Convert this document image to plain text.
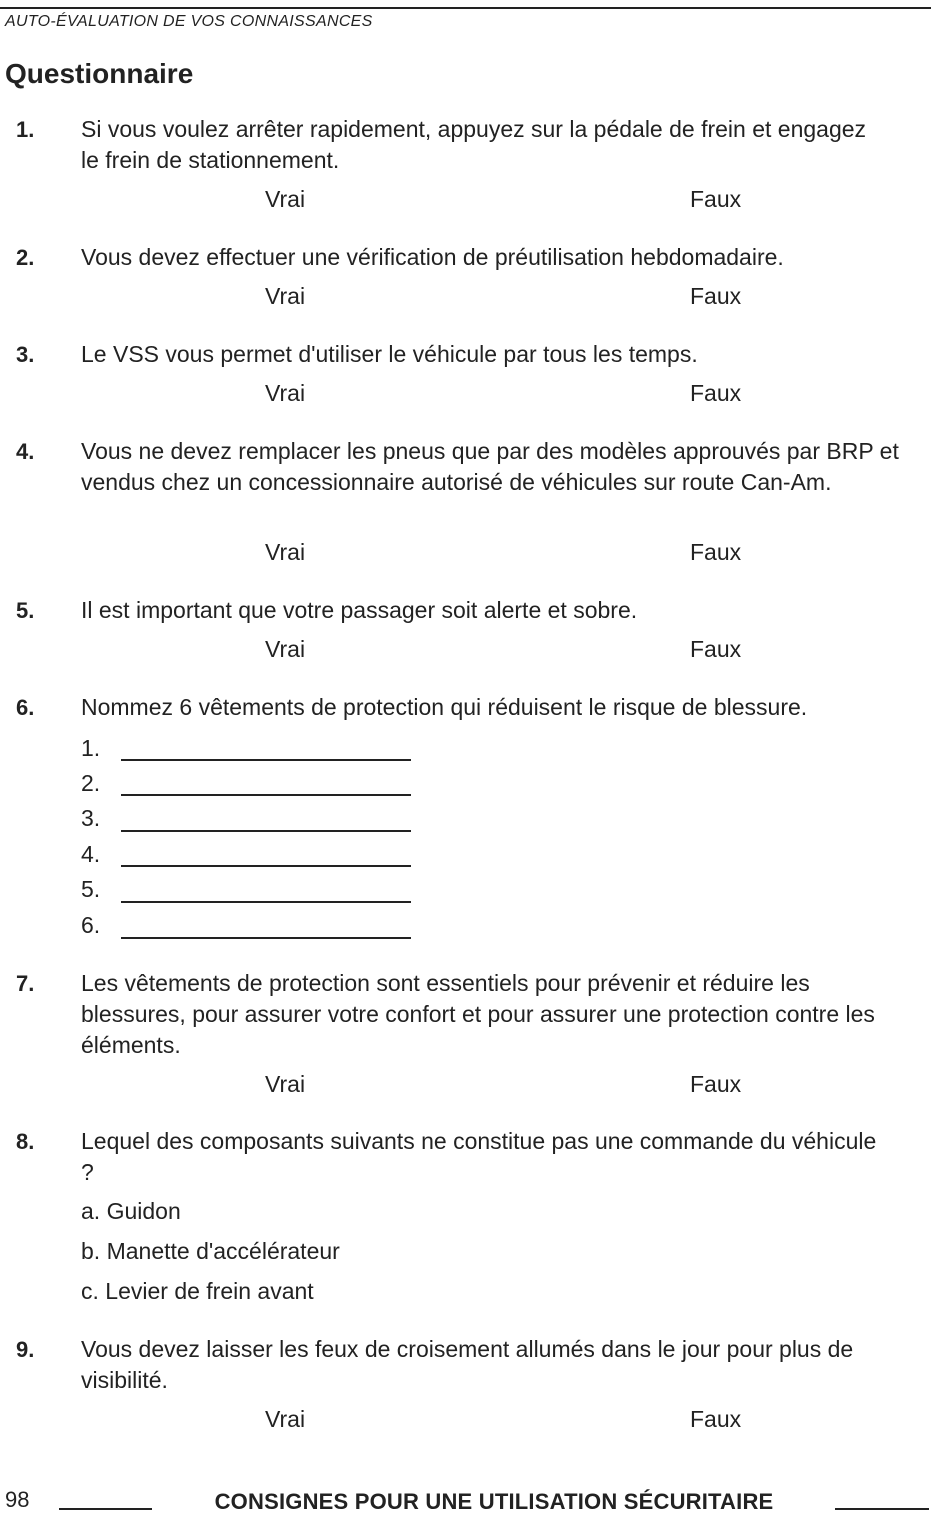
AUTO-ÉVALUATION DE VOS CONNAISSANCES
Questionnaire
1. Si vous voulez arrêter rapidement, appuyez sur la pédale de frein et engagez le frein de stationnement.
Vrai	Faux
2. Vous devez effectuer une vérification de préutilisation hebdomadaire.
Vrai	Faux
3. Le VSS vous permet d'utiliser le véhicule par tous les temps.
Vrai	Faux
4. Vous ne devez remplacer les pneus que par des modèles approuvés par BRP et vendus chez un concessionnaire autorisé de véhicules sur route Can-Am.
Vrai	Faux
5. Il est important que votre passager soit alerte et sobre.
Vrai	Faux
6. Nommez 6 vêtements de protection qui réduisent le risque de blessure.
1.
2.
3.
4.
5.
6.
7. Les vêtements de protection sont essentiels pour prévenir et réduire les blessures, pour assurer votre confort et pour assurer une protection contre les éléments.
Vrai	Faux
8. Lequel des composants suivants ne constitue pas une commande du véhicule ?
a. Guidon
b. Manette d'accélérateur
c. Levier de frein avant
9. Vous devez laisser les feux de croisement allumés dans le jour pour plus de visibilité.
Vrai	Faux
98	CONSIGNES POUR UNE UTILISATION SÉCURITAIRE
